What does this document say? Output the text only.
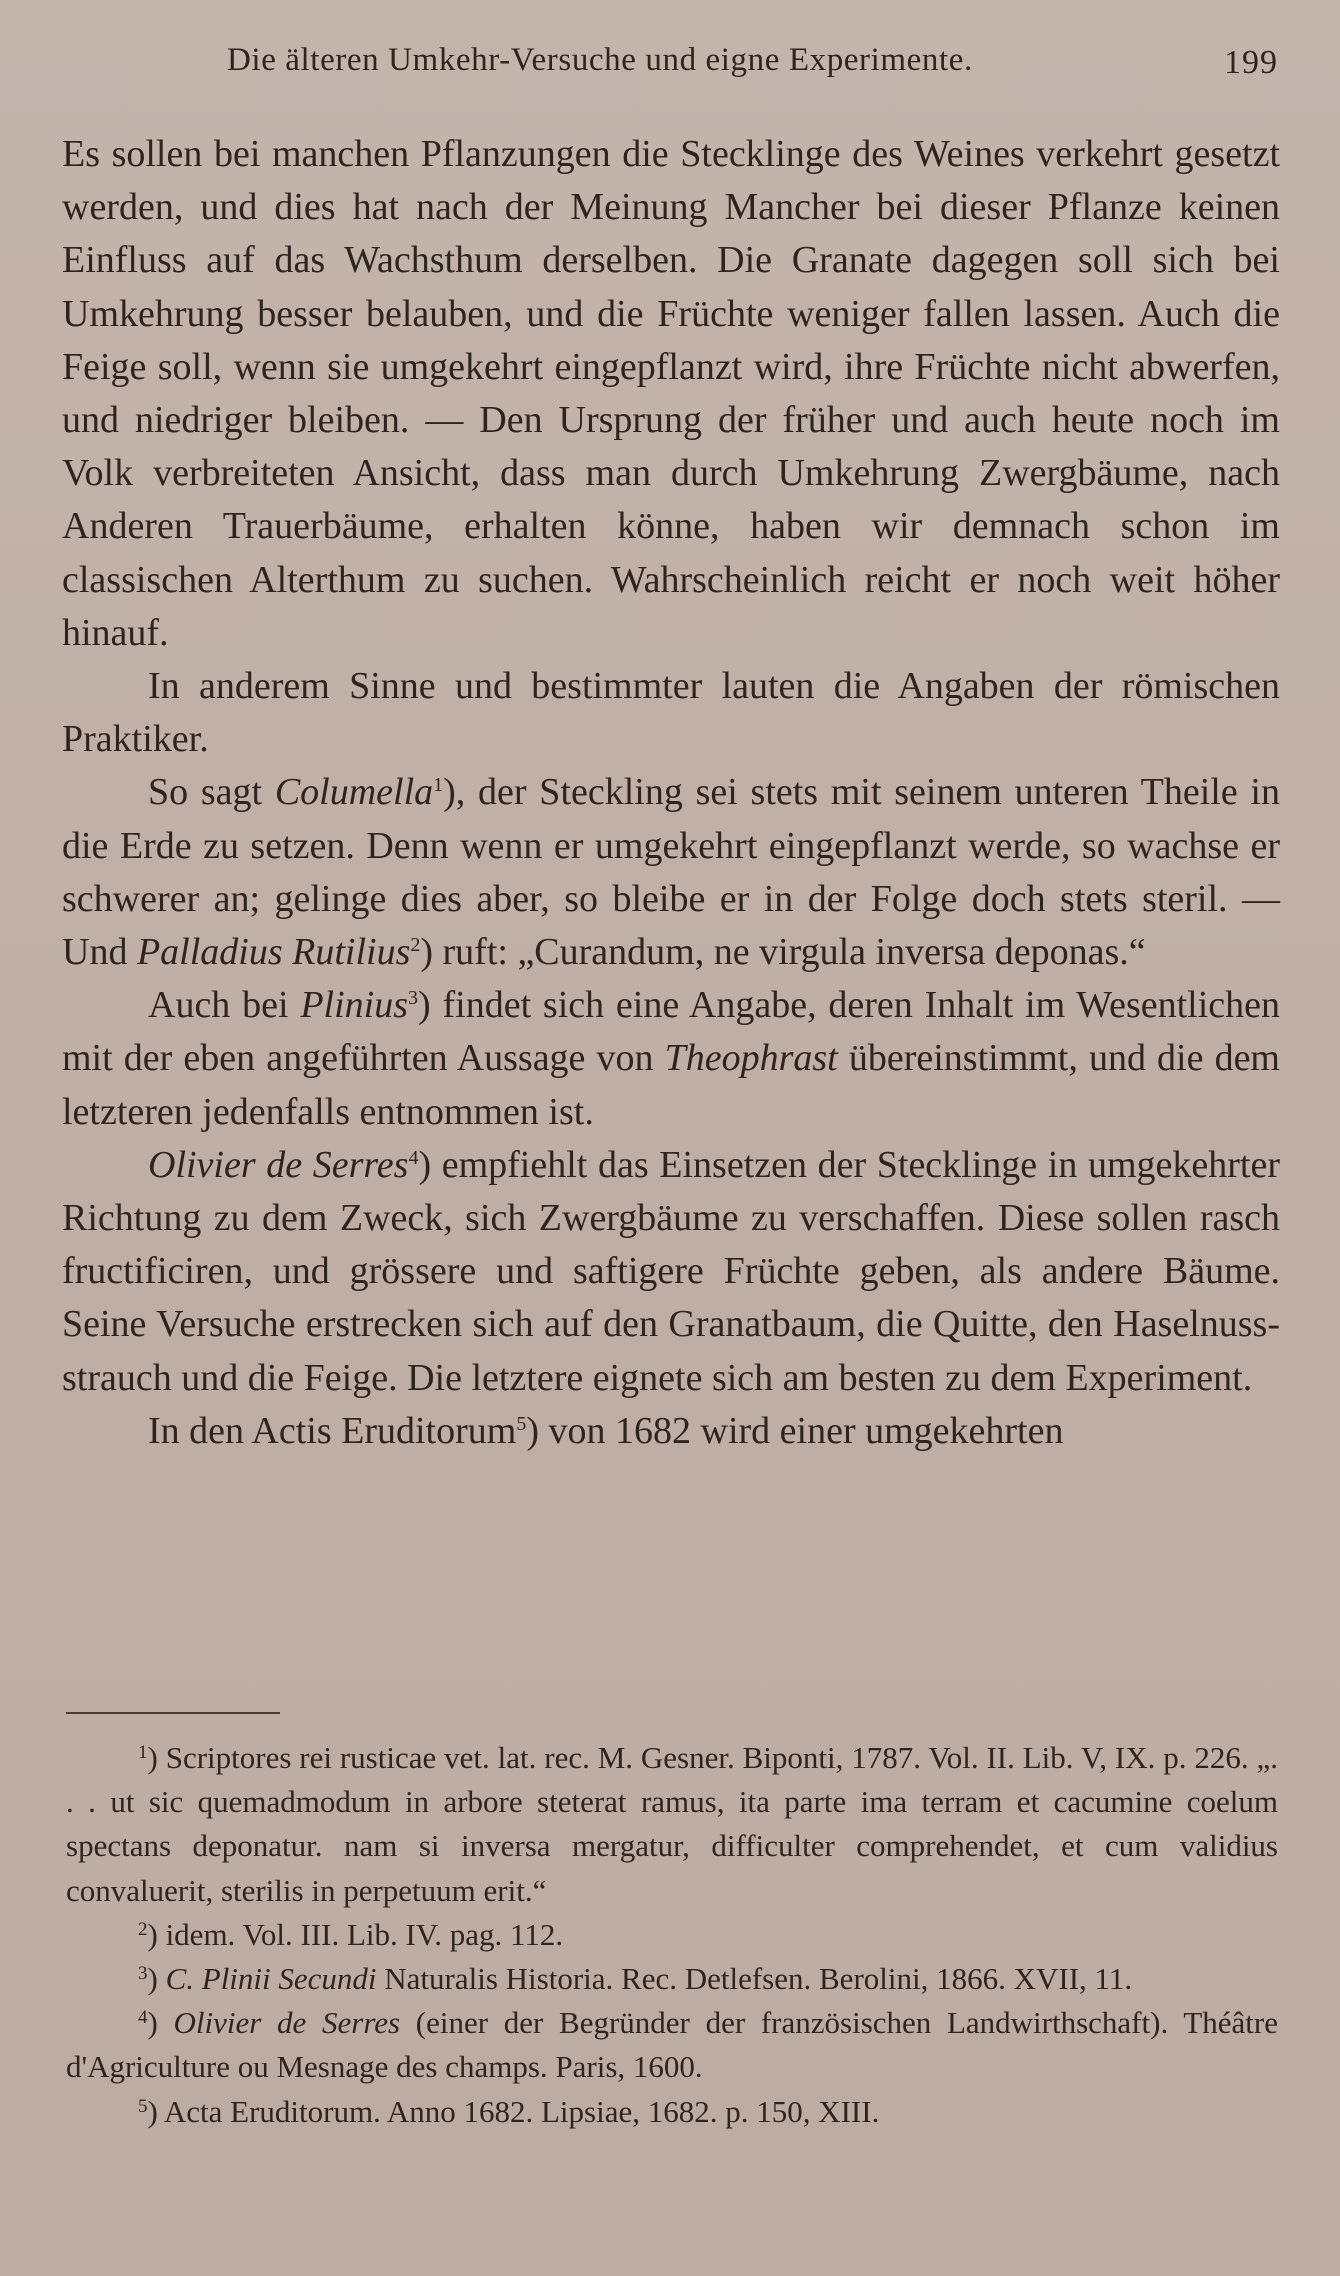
Die älteren Umkehr-Versuche und eigne Experimente.	199

Es sollen bei manchen Pflanzungen die Stecklinge des Weines verkehrt gesetzt werden, und dies hat nach der Meinung Mancher bei dieser Pflanze keinen Einfluss auf das Wachsthum derselben. Die Granate dagegen soll sich bei Umkehrung besser belauben, und die Früchte weniger fallen lassen. Auch die Feige soll, wenn sie umgekehrt eingepflanzt wird, ihre Früchte nicht abwerfen, und niedriger bleiben. — Den Ursprung der früher und auch heute noch im Volk verbreiteten Ansicht, dass man durch Umkehrung Zwergbäume, nach Anderen Trauerbäume, erhalten könne, haben wir demnach schon im classischen Alterthum zu suchen. Wahrscheinlich reicht er noch weit höher hinauf.

In anderem Sinne und bestimmter lauten die Angaben der römischen Praktiker.

So sagt Columella$^1$), der Steckling sei stets mit seinem unteren Theile in die Erde zu setzen. Denn wenn er umgekehrt eingepflanzt werde, so wachse er schwerer an; gelinge dies aber, so bleibe er in der Folge doch stets steril. — Und Palladius Rutilius$^2$) ruft: „Curandum, ne virgula inversa deponas.“

Auch bei Plinius$^3$) findet sich eine Angabe, deren Inhalt im Wesentlichen mit der eben angeführten Aussage von Theophrast übereinstimmt, und die dem letzteren jedenfalls entnommen ist.

Olivier de Serres$^4$) empfiehlt das Einsetzen der Stecklinge in umgekehrter Richtung zu dem Zweck, sich Zwergbäume zu verschaffen. Diese sollen rasch fructificiren, und grössere und saftigere Früchte geben, als andere Bäume. Seine Versuche erstrecken sich auf den Granatbaum, die Quitte, den Haselnussstrauch und die Feige. Die letztere eignete sich am besten zu dem Experiment.

In den Actis Eruditorum$^5$) von 1682 wird einer umgekehrten

$^1$) Scriptores rei rusticae vet. lat. rec. M. Gesner. Biponti, 1787. Vol. II. Lib. V, IX. p. 226. „. . . ut sic quemadmodum in arbore steterat ramus, ita parte ima terram et cacumine coelum spectans deponatur. nam si inversa mergatur, difficulter comprehendet, et cum validius convaluerit, sterilis in perpetuum erit.“

$^2$) idem. Vol. III. Lib. IV. pag. 112.

$^3$) C. Plinii Secundi Naturalis Historia. Rec. Detlefsen. Berolini, 1866. XVII, 11.

$^4$) Olivier de Serres (einer der Begründer der französischen Landwirthschaft). Théâtre d'Agriculture ou Mesnage des champs. Paris, 1600.

$^5$) Acta Eruditorum. Anno 1682. Lipsiae, 1682. p. 150, XIII.
